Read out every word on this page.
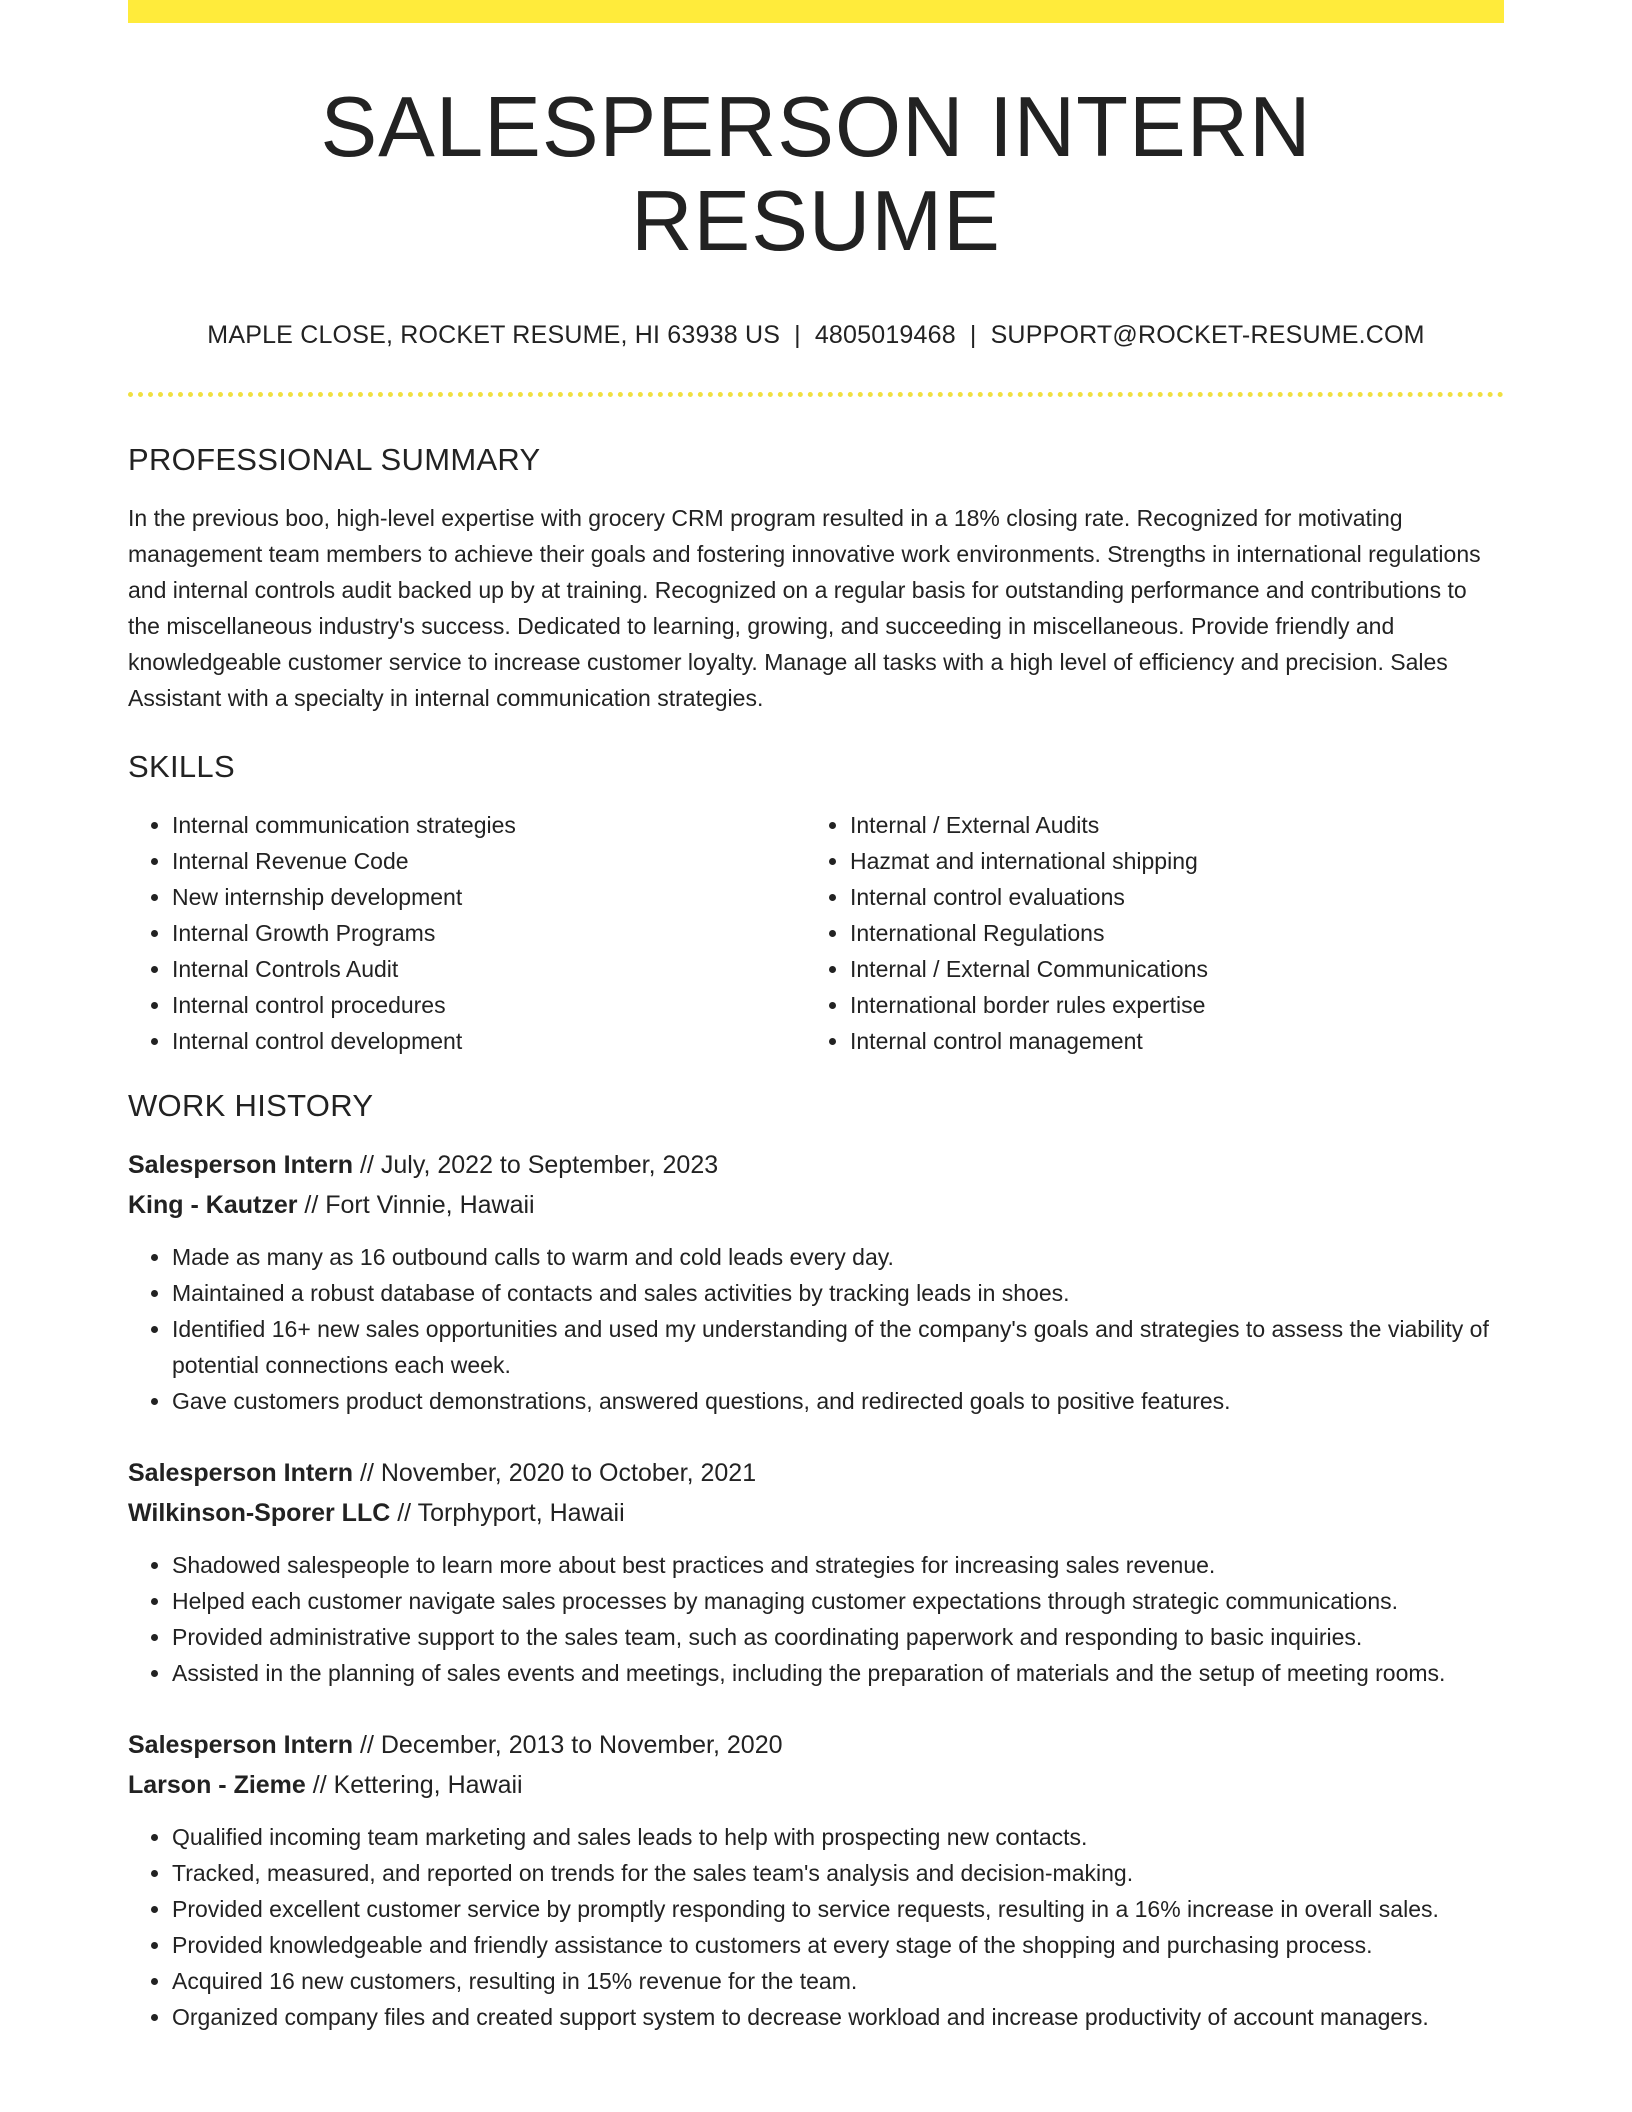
SALESPERSON INTERN RESUME
MAPLE CLOSE, ROCKET RESUME, HI 63938 US | 4805019468 | SUPPORT@ROCKET-RESUME.COM
PROFESSIONAL SUMMARY

In the previous boo, high-level expertise with grocery CRM program resulted in a 18% closing rate. Recognized for motivating management team members to achieve their goals and fostering innovative work environments. Strengths in international regulations and internal controls audit backed up by at training. Recognized on a regular basis for outstanding performance and contributions to the miscellaneous industry's success. Dedicated to learning, growing, and succeeding in miscellaneous. Provide friendly and knowledgeable customer service to increase customer loyalty. Manage all tasks with a high level of efficiency and precision. Sales Assistant with a specialty in internal communication strategies.

SKILLS
• Internal communication strategies
• Internal Revenue Code
• New internship development
• Internal Growth Programs
• Internal Controls Audit
• Internal control procedures
• Internal control development
• Internal / External Audits
• Hazmat and international shipping
• Internal control evaluations
• International Regulations
• Internal / External Communications
• International border rules expertise
• Internal control management
WORK HISTORY
Salesperson Intern // July, 2022 to September, 2023
King - Kautzer // Fort Vinnie, Hawaii
• Made as many as 16 outbound calls to warm and cold leads every day.
• Maintained a robust database of contacts and sales activities by tracking leads in shoes.
• Identified 16+ new sales opportunities and used my understanding of the company's goals and strategies to assess the viability of potential connections each week.
• Gave customers product demonstrations, answered questions, and redirected goals to positive features.
Salesperson Intern // November, 2020 to October, 2021
Wilkinson-Sporer LLC // Torphyport, Hawaii
• Shadowed salespeople to learn more about best practices and strategies for increasing sales revenue.
• Helped each customer navigate sales processes by managing customer expectations through strategic communications.
• Provided administrative support to the sales team, such as coordinating paperwork and responding to basic inquiries.
• Assisted in the planning of sales events and meetings, including the preparation of materials and the setup of meeting rooms.
Salesperson Intern // December, 2013 to November, 2020
Larson - Zieme // Kettering, Hawaii
• Qualified incoming team marketing and sales leads to help with prospecting new contacts.
• Tracked, measured, and reported on trends for the sales team's analysis and decision-making.
• Provided excellent customer service by promptly responding to service requests, resulting in a 16% increase in overall sales.
• Provided knowledgeable and friendly assistance to customers at every stage of the shopping and purchasing process.
• Acquired 16 new customers, resulting in 15% revenue for the team.
• Organized company files and created support system to decrease workload and increase productivity of account managers.
